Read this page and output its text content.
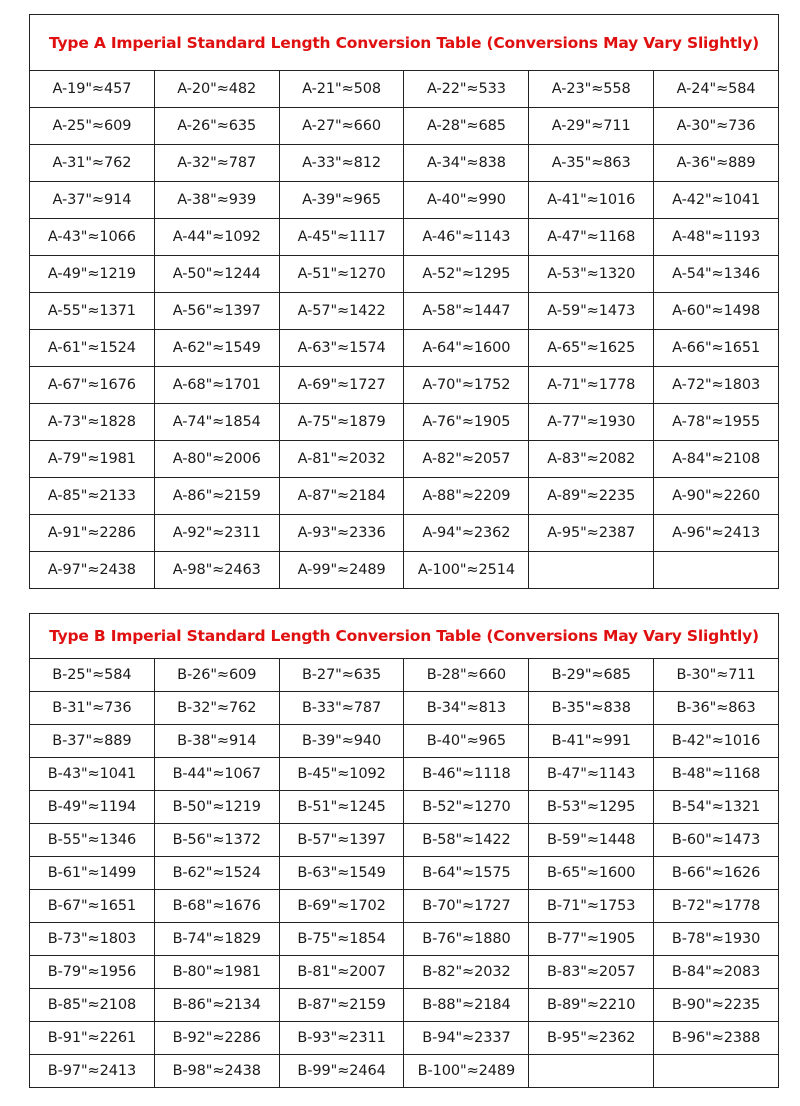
Type A Imperial Standard Length Conversion Table (Conversions May Vary Slightly)					
A-19"≈457	A-20"≈482	A-21"≈508	A-22"≈533	A-23"≈558	A-24"≈584
A-25"≈609	A-26"≈635	A-27"≈660	A-28"≈685	A-29"≈711	A-30"≈736
A-31"≈762	A-32"≈787	A-33"≈812	A-34"≈838	A-35"≈863	A-36"≈889
A-37"≈914	A-38"≈939	A-39"≈965	A-40"≈990	A-41"≈1016	A-42"≈1041
A-43"≈1066	A-44"≈1092	A-45"≈1117	A-46"≈1143	A-47"≈1168	A-48"≈1193
A-49"≈1219	A-50"≈1244	A-51"≈1270	A-52"≈1295	A-53"≈1320	A-54"≈1346
A-55"≈1371	A-56"≈1397	A-57"≈1422	A-58"≈1447	A-59"≈1473	A-60"≈1498
A-61"≈1524	A-62"≈1549	A-63"≈1574	A-64"≈1600	A-65"≈1625	A-66"≈1651
A-67"≈1676	A-68"≈1701	A-69"≈1727	A-70"≈1752	A-71"≈1778	A-72"≈1803
A-73"≈1828	A-74"≈1854	A-75"≈1879	A-76"≈1905	A-77"≈1930	A-78"≈1955
A-79"≈1981	A-80"≈2006	A-81"≈2032	A-82"≈2057	A-83"≈2082	A-84"≈2108
A-85"≈2133	A-86"≈2159	A-87"≈2184	A-88"≈2209	A-89"≈2235	A-90"≈2260
A-91"≈2286	A-92"≈2311	A-93"≈2336	A-94"≈2362	A-95"≈2387	A-96"≈2413
A-97"≈2438	A-98"≈2463	A-99"≈2489	A-100"≈2514		
Type B Imperial Standard Length Conversion Table (Conversions May Vary Slightly)					
B-25"≈584	B-26"≈609	B-27"≈635	B-28"≈660	B-29"≈685	B-30"≈711
B-31"≈736	B-32"≈762	B-33"≈787	B-34"≈813	B-35"≈838	B-36"≈863
B-37"≈889	B-38"≈914	B-39"≈940	B-40"≈965	B-41"≈991	B-42"≈1016
B-43"≈1041	B-44"≈1067	B-45"≈1092	B-46"≈1118	B-47"≈1143	B-48"≈1168
B-49"≈1194	B-50"≈1219	B-51"≈1245	B-52"≈1270	B-53"≈1295	B-54"≈1321
B-55"≈1346	B-56"≈1372	B-57"≈1397	B-58"≈1422	B-59"≈1448	B-60"≈1473
B-61"≈1499	B-62"≈1524	B-63"≈1549	B-64"≈1575	B-65"≈1600	B-66"≈1626
B-67"≈1651	B-68"≈1676	B-69"≈1702	B-70"≈1727	B-71"≈1753	B-72"≈1778
B-73"≈1803	B-74"≈1829	B-75"≈1854	B-76"≈1880	B-77"≈1905	B-78"≈1930
B-79"≈1956	B-80"≈1981	B-81"≈2007	B-82"≈2032	B-83"≈2057	B-84"≈2083
B-85"≈2108	B-86"≈2134	B-87"≈2159	B-88"≈2184	B-89"≈2210	B-90"≈2235
B-91"≈2261	B-92"≈2286	B-93"≈2311	B-94"≈2337	B-95"≈2362	B-96"≈2388
B-97"≈2413	B-98"≈2438	B-99"≈2464	B-100"≈2489		
